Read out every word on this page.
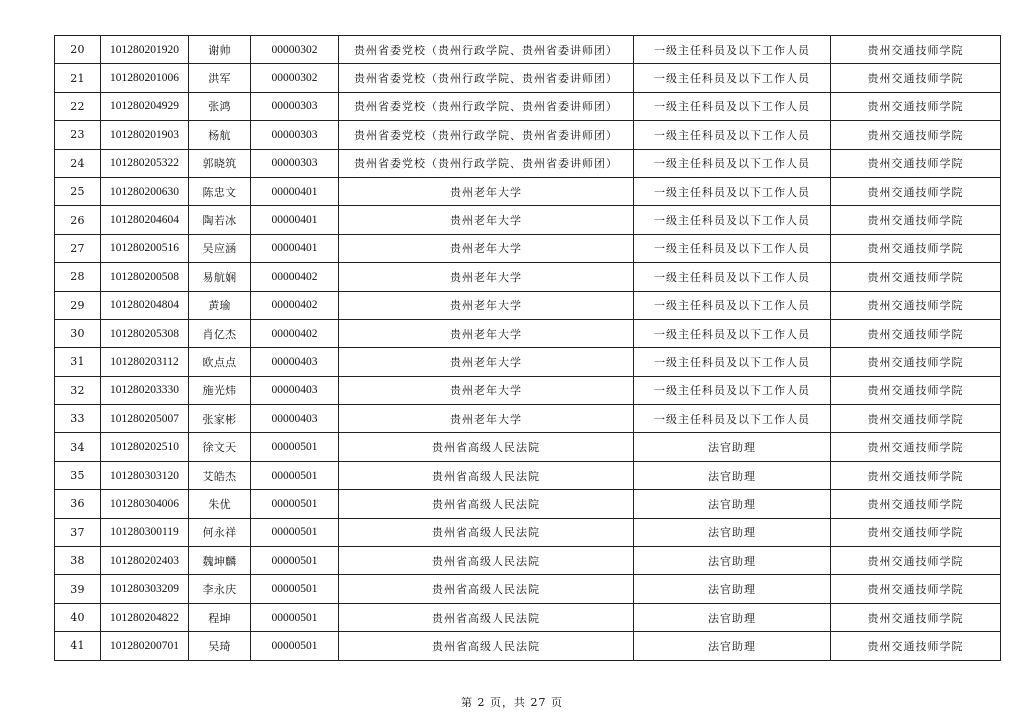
20	101280201920	谢帅	00000302	贵州省委党校（贵州行政学院、贵州省委讲师团）	一级主任科员及以下工作人员	贵州交通技师学院
21	101280201006	洪军	00000302	贵州省委党校（贵州行政学院、贵州省委讲师团）	一级主任科员及以下工作人员	贵州交通技师学院
22	101280204929	张鸿	00000303	贵州省委党校（贵州行政学院、贵州省委讲师团）	一级主任科员及以下工作人员	贵州交通技师学院
23	101280201903	杨航	00000303	贵州省委党校（贵州行政学院、贵州省委讲师团）	一级主任科员及以下工作人员	贵州交通技师学院
24	101280205322	郭晓筑	00000303	贵州省委党校（贵州行政学院、贵州省委讲师团）	一级主任科员及以下工作人员	贵州交通技师学院
25	101280200630	陈忠文	00000401	贵州老年大学	一级主任科员及以下工作人员	贵州交通技师学院
26	101280204604	陶若冰	00000401	贵州老年大学	一级主任科员及以下工作人员	贵州交通技师学院
27	101280200516	吴应涵	00000401	贵州老年大学	一级主任科员及以下工作人员	贵州交通技师学院
28	101280200508	易航娴	00000402	贵州老年大学	一级主任科员及以下工作人员	贵州交通技师学院
29	101280204804	黄瑜	00000402	贵州老年大学	一级主任科员及以下工作人员	贵州交通技师学院
30	101280205308	肖亿杰	00000402	贵州老年大学	一级主任科员及以下工作人员	贵州交通技师学院
31	101280203112	欧点点	00000403	贵州老年大学	一级主任科员及以下工作人员	贵州交通技师学院
32	101280203330	施光炜	00000403	贵州老年大学	一级主任科员及以下工作人员	贵州交通技师学院
33	101280205007	张家彬	00000403	贵州老年大学	一级主任科员及以下工作人员	贵州交通技师学院
34	101280202510	徐文天	00000501	贵州省高级人民法院	法官助理	贵州交通技师学院
35	101280303120	艾皓杰	00000501	贵州省高级人民法院	法官助理	贵州交通技师学院
36	101280304006	朱优	00000501	贵州省高级人民法院	法官助理	贵州交通技师学院
37	101280300119	何永祥	00000501	贵州省高级人民法院	法官助理	贵州交通技师学院
38	101280202403	魏坤麟	00000501	贵州省高级人民法院	法官助理	贵州交通技师学院
39	101280303209	李永庆	00000501	贵州省高级人民法院	法官助理	贵州交通技师学院
40	101280204822	程坤	00000501	贵州省高级人民法院	法官助理	贵州交通技师学院
41	101280200701	吴琦	00000501	贵州省高级人民法院	法官助理	贵州交通技师学院
第 2 页，共 27 页
